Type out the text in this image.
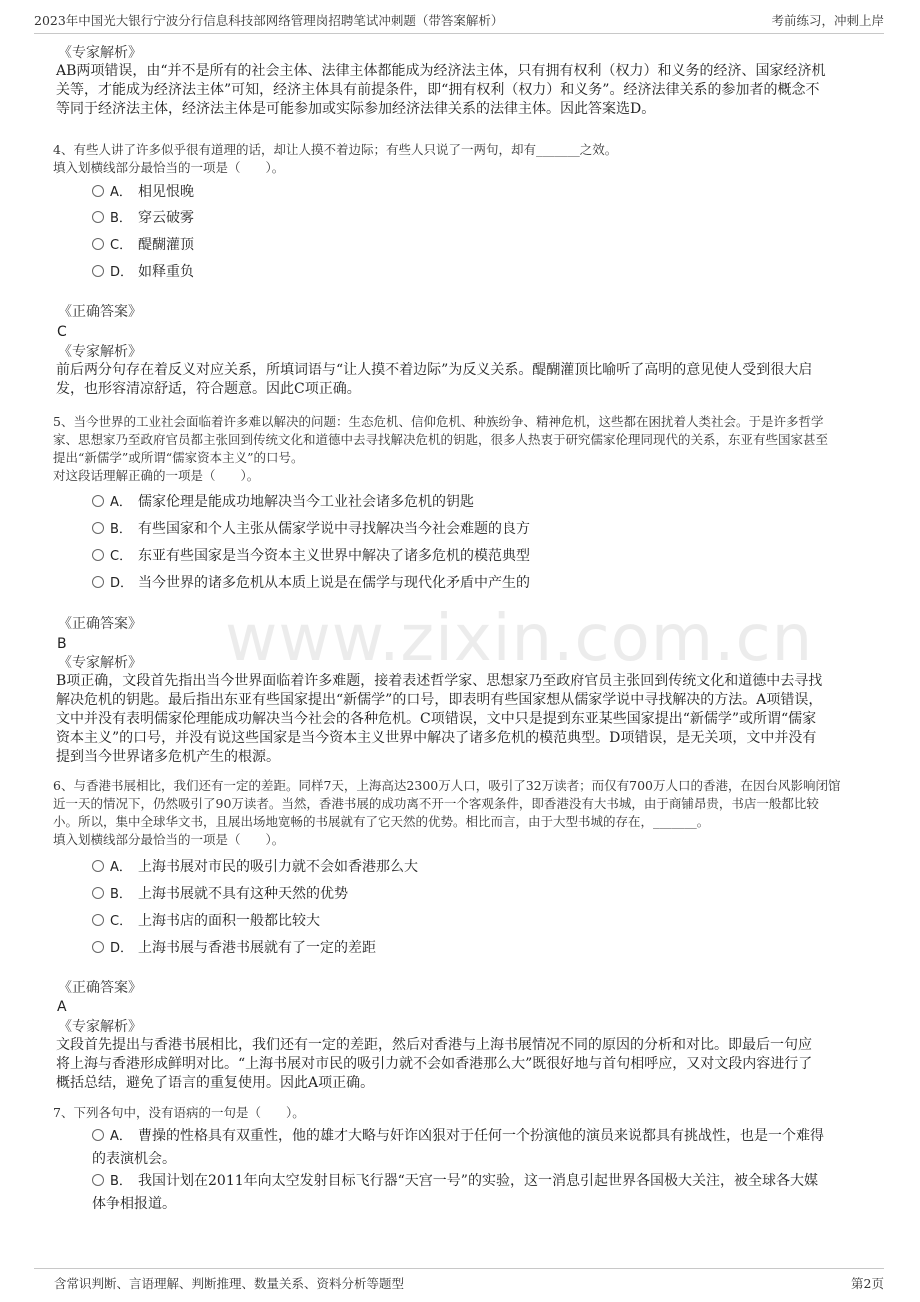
2023年中国光大银行宁波分行信息科技部网络管理岗招聘笔试冲刺题（带答案解析）	考前练习，冲刺上岸
www.zixin.com.cn
《专家解析》
AB两项错误，由“并不是所有的社会主体、法律主体都能成为经济法主体，只有拥有权利（权力）和义务的经济、国家经济机
关等，才能成为经济法主体”可知，经济主体具有前提条件，即“拥有权利（权力）和义务”。经济法律关系的参加者的概念不
等同于经济法主体，经济法主体是可能参加或实际参加经济法律关系的法律主体。因此答案选D。
4、有些人讲了许多似乎很有道理的话，却让人摸不着边际；有些人只说了一两句，却有_______之效。
填入划横线部分最恰当的一项是（　　）。
A． 相见恨晚
B． 穿云破雾
C． 醍醐灌顶
D． 如释重负
《正确答案》
C
《专家解析》
前后两分句存在着反义对应关系，所填词语与“让人摸不着边际”为反义关系。醍醐灌顶比喻听了高明的意见使人受到很大启
发，也形容清凉舒适，符合题意。因此C项正确。
5、当今世界的工业社会面临着许多难以解决的问题：生态危机、信仰危机、种族纷争、精神危机，这些都在困扰着人类社会。于是许多哲学
家、思想家乃至政府官员都主张回到传统文化和道德中去寻找解决危机的钥匙，很多人热衷于研究儒家伦理同现代的关系，东亚有些国家甚至
提出“新儒学”或所谓“儒家资本主义”的口号。
对这段话理解正确的一项是（　　）。
A． 儒家伦理是能成功地解决当今工业社会诸多危机的钥匙
B． 有些国家和个人主张从儒家学说中寻找解决当今社会难题的良方
C． 东亚有些国家是当今资本主义世界中解决了诸多危机的模范典型
D． 当今世界的诸多危机从本质上说是在儒学与现代化矛盾中产生的
《正确答案》
B
《专家解析》
B项正确，文段首先指出当今世界面临着许多难题，接着表述哲学家、思想家乃至政府官员主张回到传统文化和道德中去寻找
解决危机的钥匙。最后指出东亚有些国家提出“新儒学”的口号，即表明有些国家想从儒家学说中寻找解决的方法。A项错误，
文中并没有表明儒家伦理能成功解决当今社会的各种危机。C项错误，文中只是提到东亚某些国家提出“新儒学”或所谓“儒家
资本主义”的口号，并没有说这些国家是当今资本主义世界中解决了诸多危机的模范典型。D项错误，是无关项，文中并没有
提到当今世界诸多危机产生的根源。
6、与香港书展相比，我们还有一定的差距。同样7天，上海高达2300万人口，吸引了32万读者；而仅有700万人口的香港，在因台风影响闭馆
近一天的情况下，仍然吸引了90万读者。当然，香港书展的成功离不开一个客观条件，即香港没有大书城，由于商铺昂贵，书店一般都比较
小。所以，集中全球华文书，且展出场地宽畅的书展就有了它天然的优势。相比而言，由于大型书城的存在，_______。
填入划横线部分最恰当的一项是（　　）。
A． 上海书展对市民的吸引力就不会如香港那么大
B． 上海书展就不具有这种天然的优势
C． 上海书店的面积一般都比较大
D． 上海书展与香港书展就有了一定的差距
《正确答案》
A
《专家解析》
文段首先提出与香港书展相比，我们还有一定的差距，然后对香港与上海书展情况不同的原因的分析和对比。即最后一句应
将上海与香港形成鲜明对比。“上海书展对市民的吸引力就不会如香港那么大”既很好地与首句相呼应，又对文段内容进行了
概括总结，避免了语言的重复使用。因此A项正确。
7、下列各句中，没有语病的一句是（　　）。
A． 曹操的性格具有双重性，他的雄才大略与奸诈凶狠对于任何一个扮演他的演员来说都具有挑战性，也是一个难得
的表演机会。
B． 我国计划在2011年向太空发射目标飞行器“天宫一号”的实验，这一消息引起世界各国极大关注，被全球各大媒
体争相报道。
含常识判断、言语理解、判断推理、数量关系、资料分析等题型	第2页
